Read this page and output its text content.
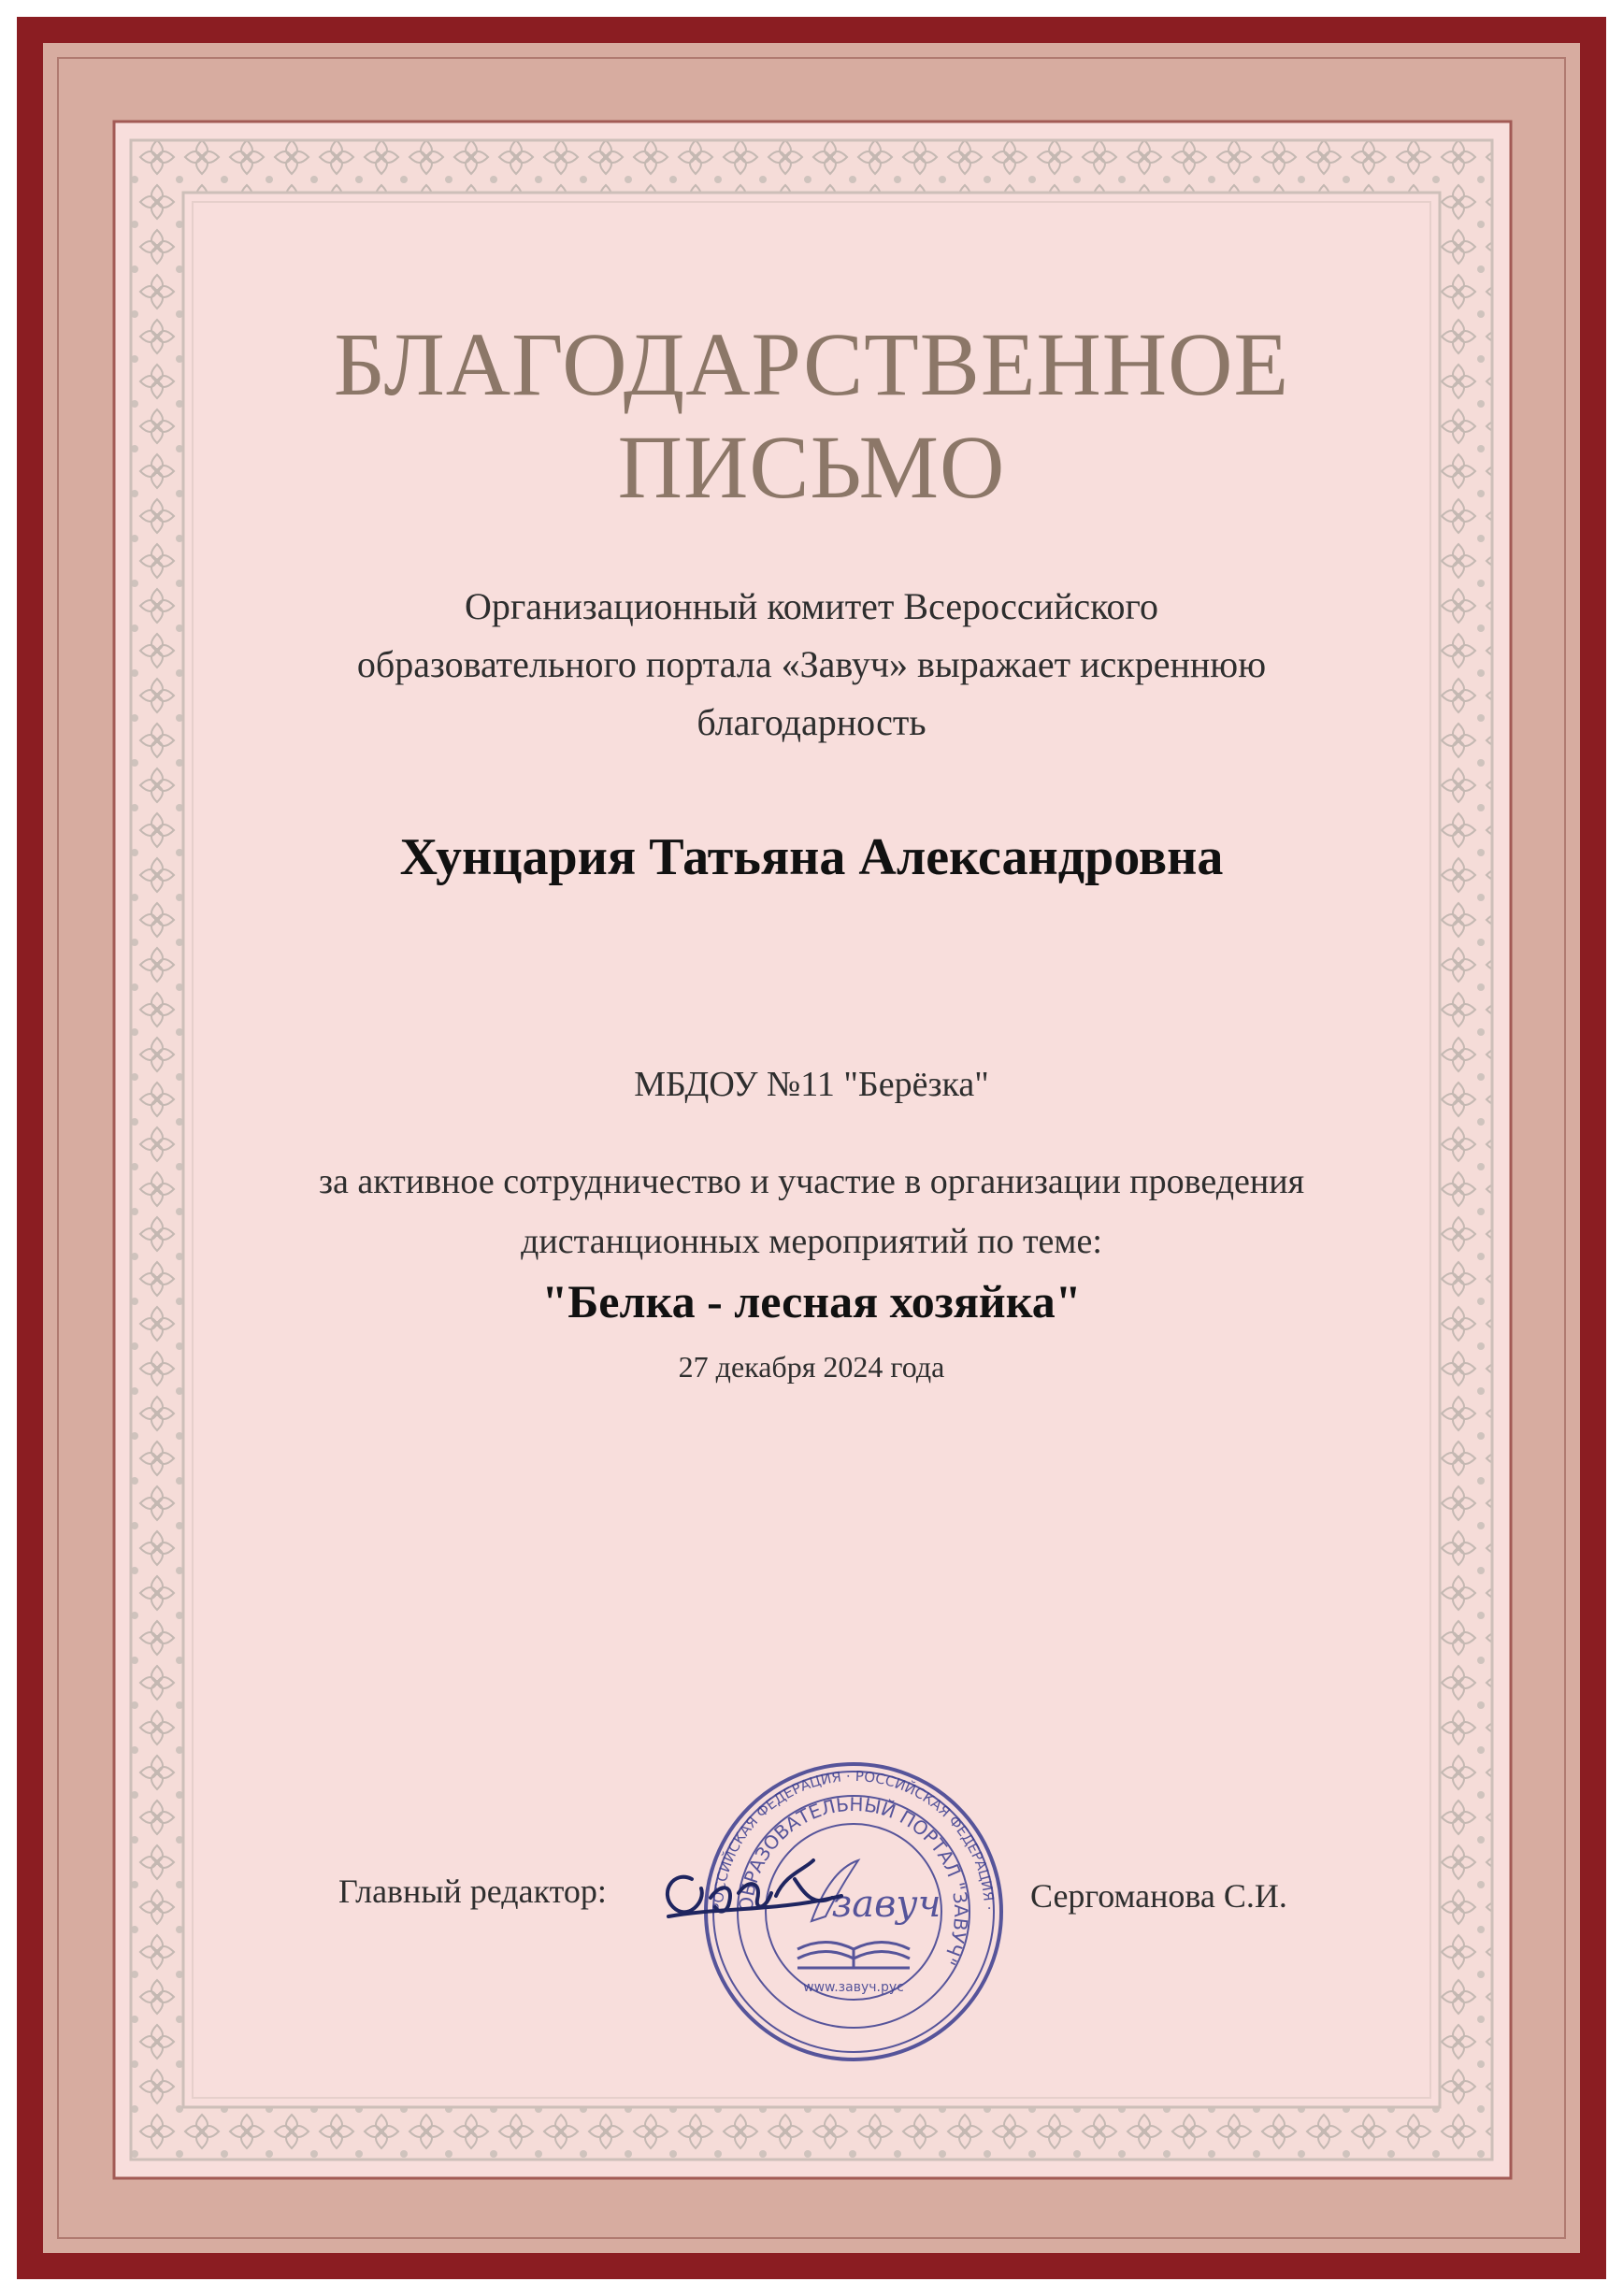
БЛАГОДАРСТВЕННОЕ
ПИСЬМО
Организационный комитет Всероссийского
образовательного портала «Завуч» выражает искреннюю
благодарность
Хунцария Татьяна Александровна
МБДОУ №11 "Берёзка"
за активное сотрудничество и участие в организации проведения
дистанционных мероприятий по теме:
"Белка - лесная хозяйка"
27 декабря 2024 года
Главный редактор:	Сергоманова С.И.
РОССИЙСКАЯ ФЕДЕРАЦИЯ · РОССИЙСКАЯ ФЕДЕРАЦИЯ ·
ОБРАЗОВАТЕЛЬНЫЙ ПОРТАЛ "ЗАВУЧ"
завуч
www.завуч.рус
